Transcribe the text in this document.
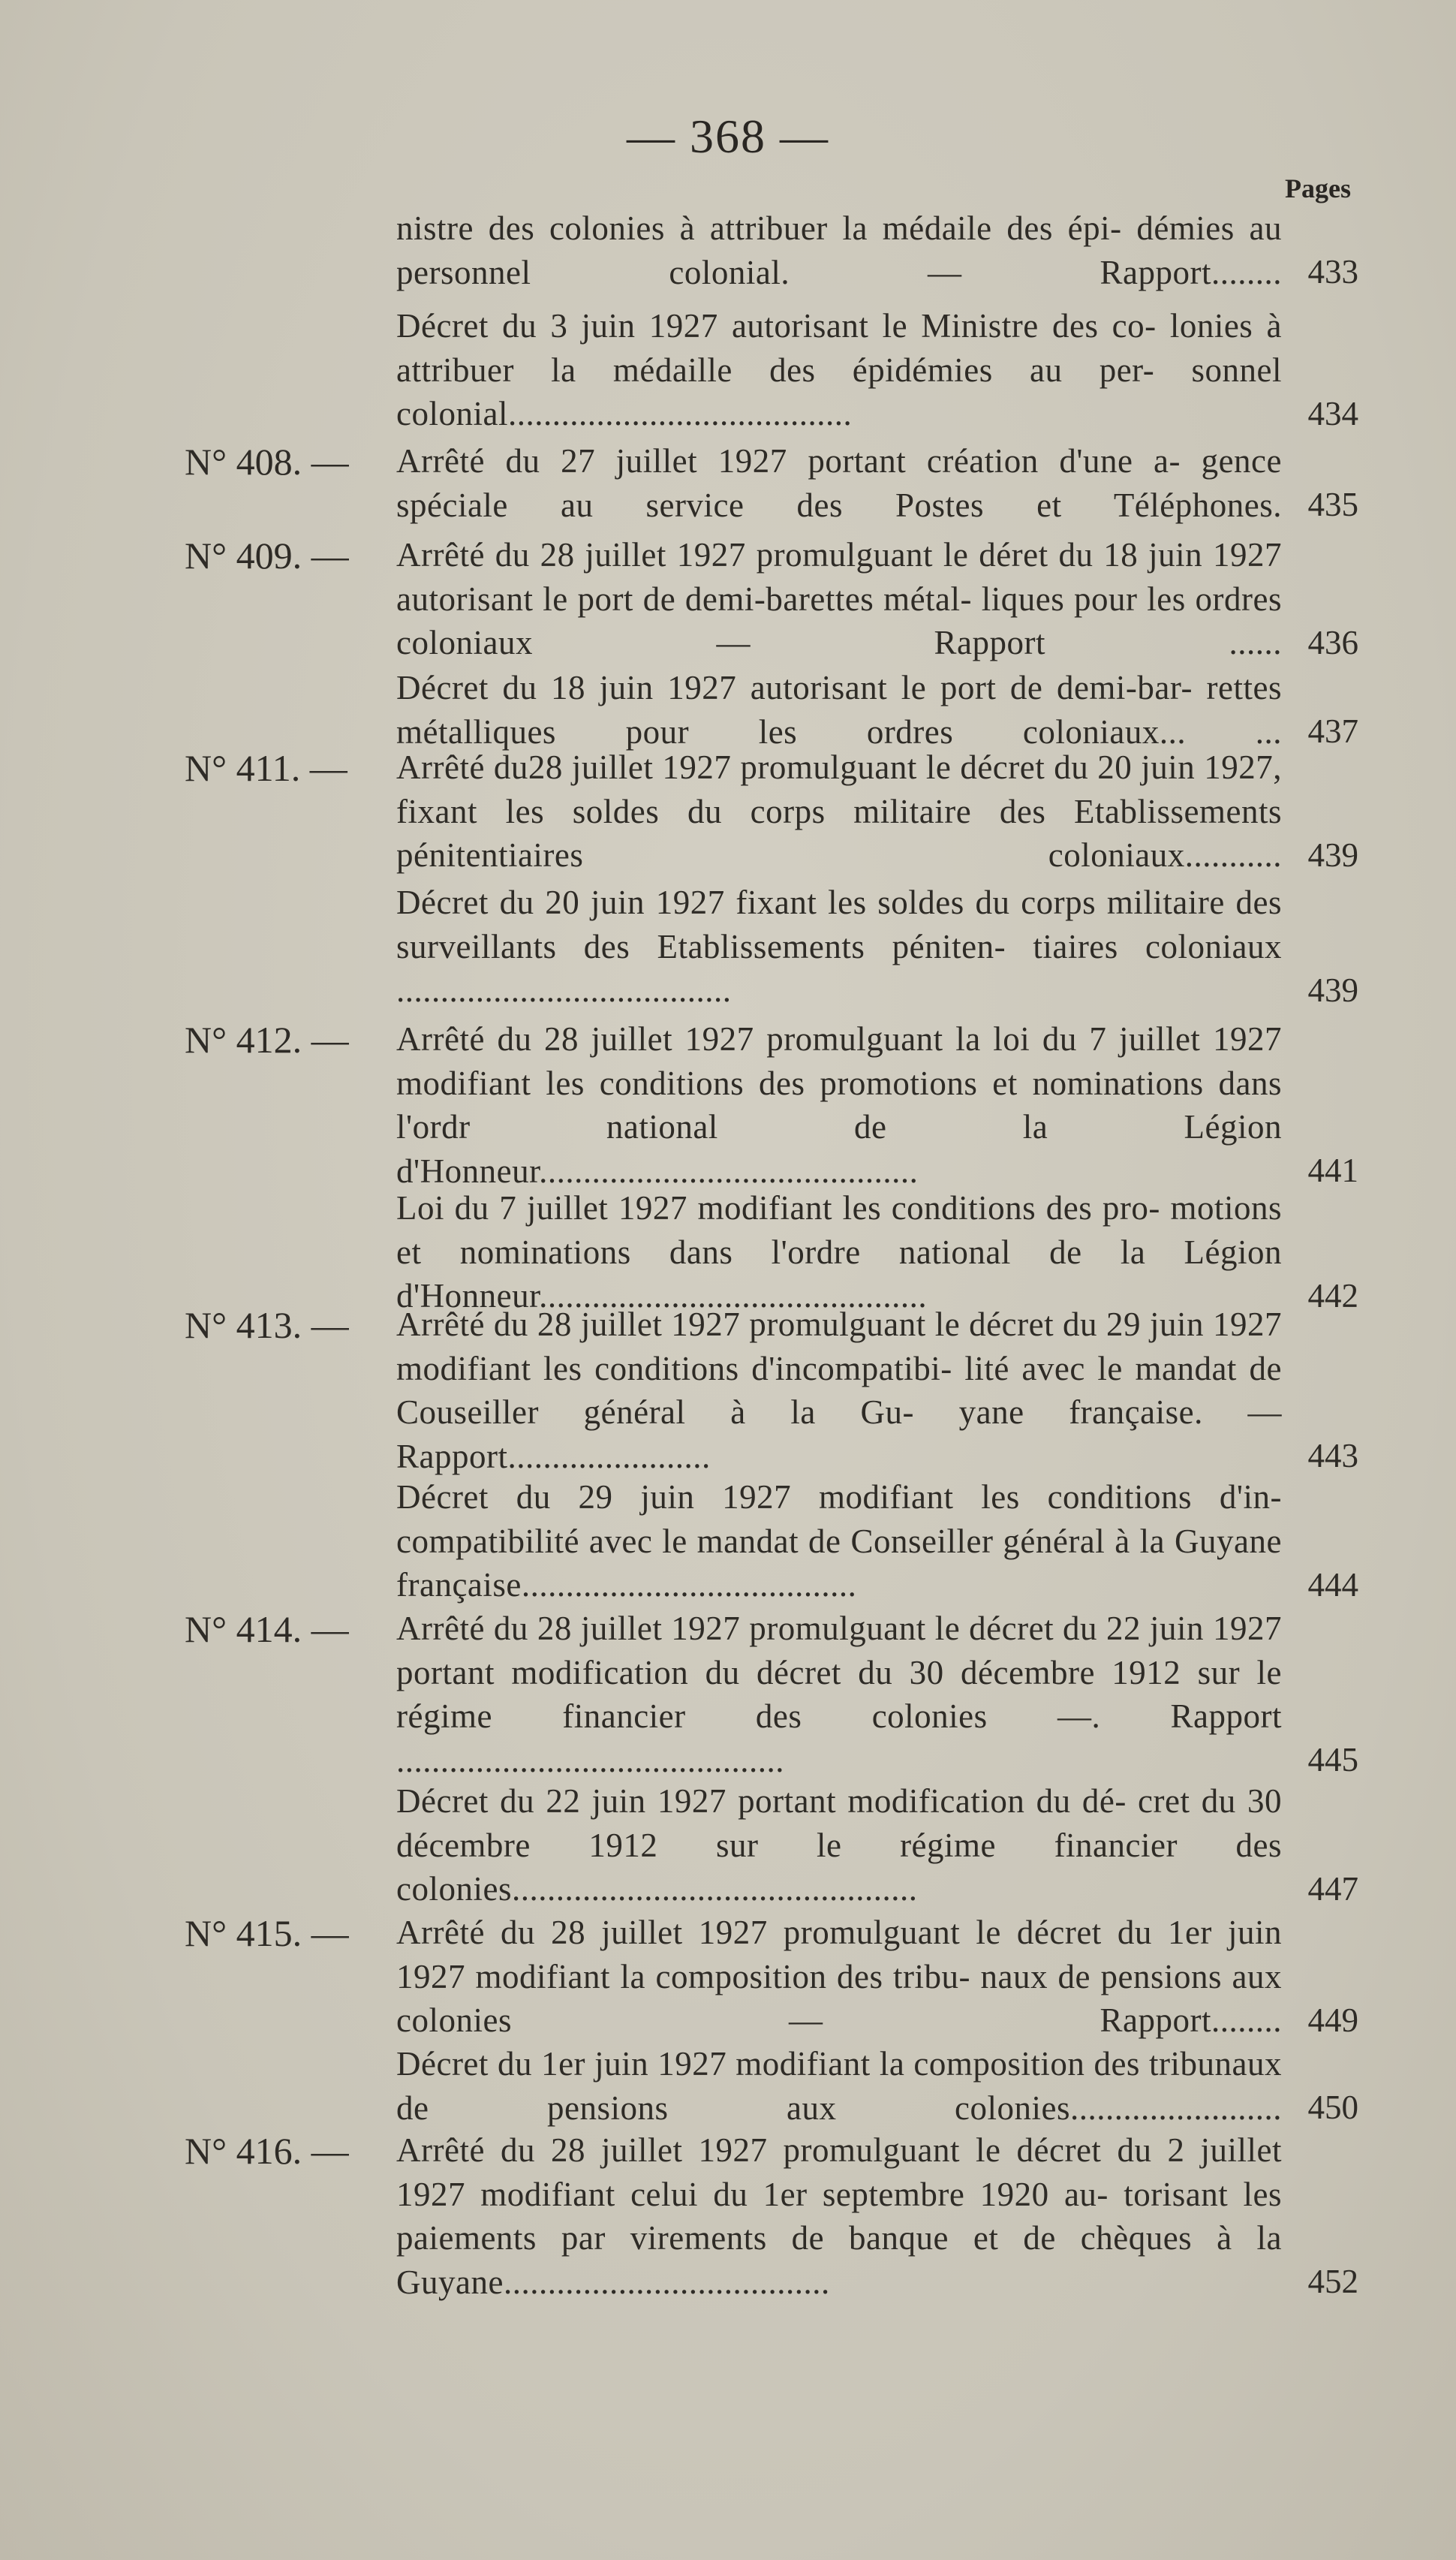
— 368 —
Pages
nistre des colonies à attribuer la médaile des épi- démies au personnel colonial. — Rapport........ 433
Décret du 3 juin 1927 autorisant le Ministre des co- lonies à attribuer la médaille des épidémies au per- sonnel colonial.......................................	434
N° 408. — Arrêté du 27 juillet 1927 portant création d'une a- gence spéciale au service des Postes et Téléphones. 435
N° 409. — Arrêté du 28 juillet 1927 promulguant le déret du 18 juin 1927 autorisant le port de demi-barettes métal- liques pour les ordres coloniaux — Rapport ...... 436
Décret du 18 juin 1927 autorisant le port de demi-bar- rettes métalliques pour les ordres coloniaux... ... 437
N° 411. — Arrêté du28 juillet 1927 promulguant le décret du 20 juin 1927, fixant les soldes du corps militaire des Etablissements pénitentiaires coloniaux........... 439
Décret du 20 juin 1927 fixant les soldes du corps militaire des surveillants des Etablissements péniten- tiaires coloniaux ......................................	439
N° 412. — Arrêté du 28 juillet 1927 promulguant la loi du 7 juillet 1927 modifiant les conditions des promotions et nominations dans l'ordr national de la Légion d'Honneur...........................................	441
Loi du 7 juillet 1927 modifiant les conditions des pro- motions et nominations dans l'ordre national de la Légion d'Honneur............................................	442
N° 413. — Arrêté du 28 juillet 1927 promulguant le décret du 29 juin 1927 modifiant les conditions d'incompatibi- lité avec le mandat de Couseiller général à la Gu- yane française. — Rapport.......................	443
Décret du 29 juin 1927 modifiant les conditions d'in- compatibilité avec le mandat de Conseiller général à la Guyane française......................................	444
N° 414. — Arrêté du 28 juillet 1927 promulguant le décret du 22 juin 1927 portant modification du décret du 30 décembre 1912 sur le régime financier des colonies —. Rapport ............................................	445
Décret du 22 juin 1927 portant modification du dé- cret du 30 décembre 1912 sur le régime financier des colonies..............................................	447
N° 415. — Arrêté du 28 juillet 1927 promulguant le décret du 1er juin 1927 modifiant la composition des tribu- naux de pensions aux colonies — Rapport........ 449
Décret du 1er juin 1927 modifiant la composition des tribunaux de pensions aux colonies........................ 450
N° 416. — Arrêté du 28 juillet 1927 promulguant le décret du 2 juillet 1927 modifiant celui du 1er septembre 1920 au- torisant les paiements par virements de banque et de chèques à la Guyane.....................................	452
